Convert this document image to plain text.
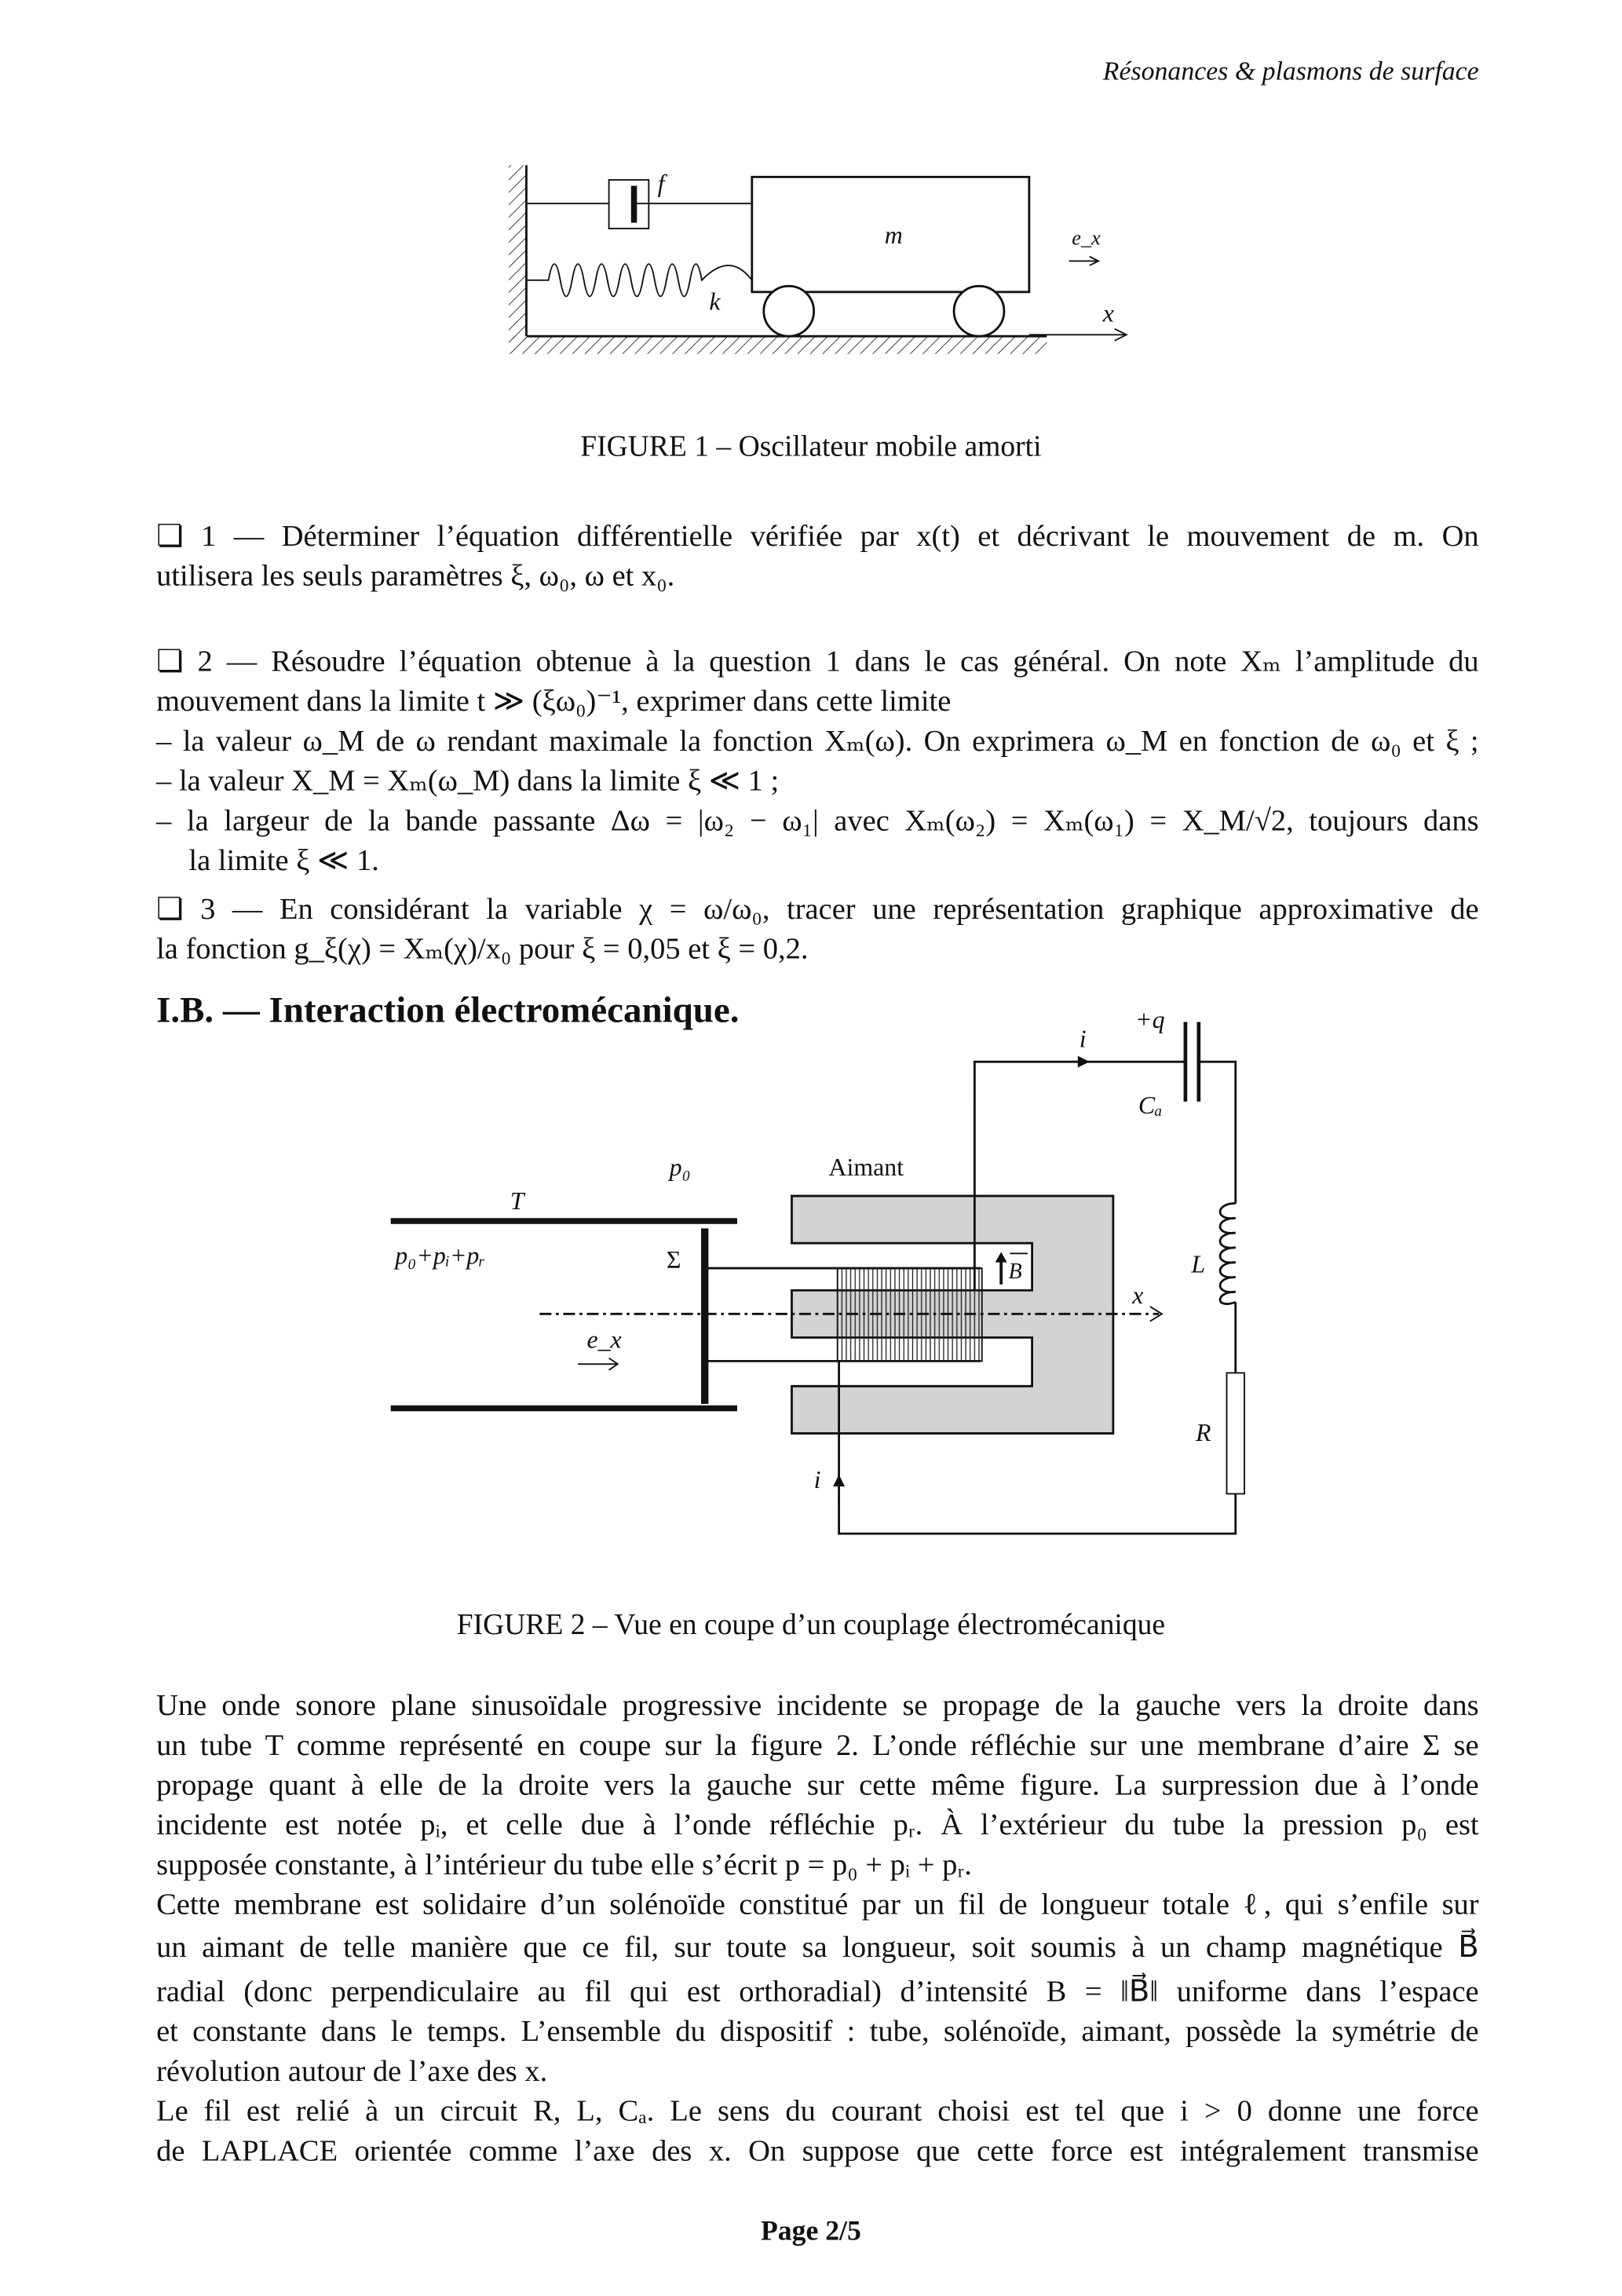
Résonances & plasmons de surface
f
m
k
e_x
x
FIGURE 1 – Oscillateur mobile amorti
❏ 1 — Déterminer l’équation différentielle vérifiée par x(t) et décrivant le mouvement de m. On
utilisera les seuls paramètres ξ, ω₀, ω et x₀.
❏ 2 — Résoudre l’équation obtenue à la question 1 dans le cas général. On note Xₘ l’amplitude du
mouvement dans la limite t ≫ (ξω₀)⁻¹, exprimer dans cette limite
– la valeur ω_M de ω rendant maximale la fonction Xₘ(ω). On exprimera ω_M en fonction de ω₀ et ξ ;
– la valeur X_M = Xₘ(ω_M) dans la limite ξ ≪ 1 ;
– la largeur de la bande passante Δω = |ω₂ − ω₁| avec Xₘ(ω₂) = Xₘ(ω₁) = X_M/√2, toujours dans
la limite ξ ≪ 1.
❏ 3 — En considérant la variable χ = ω/ω₀, tracer une représentation graphique approximative de
la fonction g_ξ(χ) = Xₘ(χ)/x₀ pour ξ = 0,05 et ξ = 0,2.
I.B. — Interaction électromécanique.
i
+q
Cₐ
p₀	Aimant
T
p₀+pᵢ+pᵣ	Σ	B	L
x
R
i
e_x
FIGURE 2 – Vue en coupe d’un couplage électromécanique
Une onde sonore plane sinusoïdale progressive incidente se propage de la gauche vers la droite dans
un tube T comme représenté en coupe sur la figure 2. L’onde réfléchie sur une membrane d’aire Σ se
propage quant à elle de la droite vers la gauche sur cette même figure. La surpression due à l’onde
incidente est notée pᵢ, et celle due à l’onde réfléchie pᵣ. À l’extérieur du tube la pression p₀ est
supposée constante, à l’intérieur du tube elle s’écrit p = p₀ + pᵢ + pᵣ.
Cette membrane est solidaire d’un solénoïde constitué par un fil de longueur totale ℓ, qui s’enfile sur
un aimant de telle manière que ce fil, sur toute sa longueur, soit soumis à un champ magnétique B⃗
radial (donc perpendiculaire au fil qui est orthoradial) d’intensité B = ‖B⃗‖ uniforme dans l’espace
et constante dans le temps. L’ensemble du dispositif : tube, solénoïde, aimant, possède la symétrie de
révolution autour de l’axe des x.
Le fil est relié à un circuit R, L, Cₐ. Le sens du courant choisi est tel que i > 0 donne une force
de LAPLACE orientée comme l’axe des x. On suppose que cette force est intégralement transmise
Page 2/5
